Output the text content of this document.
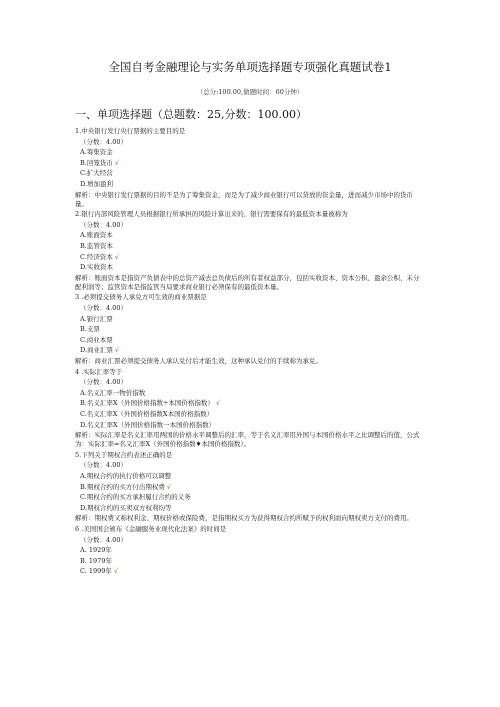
全国自考金融理论与实务单项选择题专项强化真题试卷1
（总分:100.00,做题时间：60分钟）
一、单项选择题（总题数：25,分数：100.00）
1.中央银行发行央行票据的主要目的是
（分数：4.00）
A.筹集资金
B.回笼货币 √
C.扩大经营
D.增加盈利
解析：中央银行发行票据的目的不是为了筹集资金，而是为了减少商业银行可以贷放的资金量，进而减少市场中的货币量。
2.银行内部风险管理人员根据银行所承担的风险计算出来的，银行需要保有的最低资本量被称为
（分数：4.00）
A.账面资本
B.监管资本
C.经济资本 √
D.实收资本
解析：账面资本是指资产负债表中的总资产减去总负债后的所有者权益部分，包括实收资本、资本公积、盈余公积、未分配利润等；监管资本是指监管当局要求商业银行必须保有的最低资本量。
3 .必须提交债务人承兑方可生效的商业票据是
（分数：4.00）
A.银行汇票
B.支票
C.商业本票
D.商业汇票 √
解析：商业汇票必须提交债务人承认兑付后才能生效，这种承认兑付的手续称为承兑。
4 .实际汇率等于
（分数：4.00）
A.名义汇率一物价指数
B.名义汇率X（外国价格指数÷本国价格指数） √
C.名义汇率X（外国价格指数X本国价格指数）
D.名义汇率X（外国价格指数一本国价格指数）
解析：实际汇率是名义汇率用两国的价格水平调整后的汇率，等于名义汇率用外国与本国价格水平之比调整后的值，公式为：实际汇率=名义汇率X（外国价格指数♦本国价格指数）。
5.下列关于期权合约表述正确的是
（分数：4.00）
A.期权合约的执行价格可以调整
B.期权合约的买方付出期权费 √
C.期权合约的买方承担履行合约的义务
D.期权合约的买卖双方权利均等
解析：期权费又称权利金、期权价格或保险费，是指期权买方为获得期权合约所赋予的权利而向期权卖方支付的费用。
6 .美国国会颁布《金融服务业现代化法案》的时间是
（分数：4.00）
A. 1929年
B. 1979年
C. 1999年 √
